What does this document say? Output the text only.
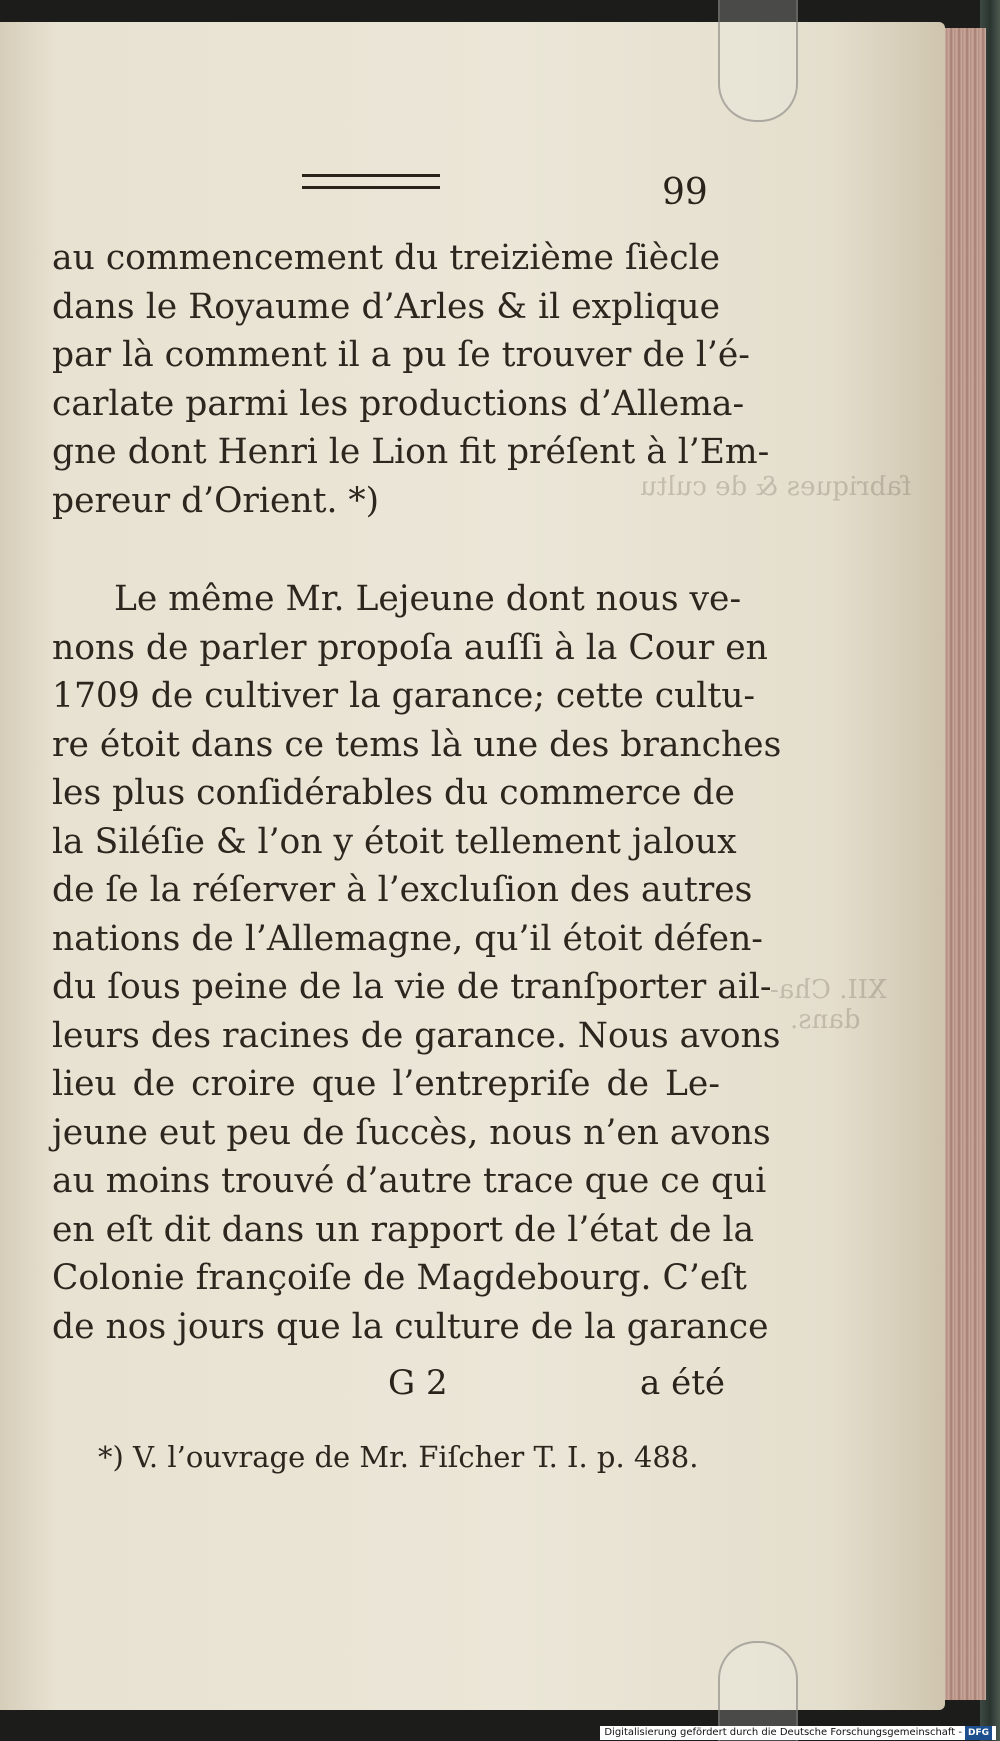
fabriques & de cultu
XII. Cha-
dans.
99
au commencement du treizième ſiècle
dans le Royaume d’Arles & il explique
par là comment il a pu ſe trouver de l’é-
carlate parmi les productions d’Allema-
gne dont Henri le Lion fit préſent à l’Em-
pereur d’Orient. *)
Le même Mr. Lejeune dont nous ve-
nons de parler propoſa auſſi à la Cour en
1709 de cultiver la garance; cette cultu-
re étoit dans ce tems là une des branches
les plus conſidérables du commerce de
la Siléſie & l’on y étoit tellement jaloux
de ſe la réſerver à l’excluſion des autres
nations de l’Allemagne, qu’il étoit défen-
du ſous peine de la vie de tranſporter ail-
leurs des racines de garance. Nous avons
lieu de croire que l’entrepriſe de Le-
jeune eut peu de ſuccès, nous n’en avons
au moins trouvé d’autre trace que ce qui
en eſt dit dans un rapport de l’état de la
Colonie françoiſe de Magdebourg. C’eſt
de nos jours que la culture de la garance
G 2	a été
*) V. l’ouvrage de Mr. Fiſcher T. I. p. 488.
Digitalisierung gefördert durch die Deutsche Forschungsgemeinschaft - DFG
